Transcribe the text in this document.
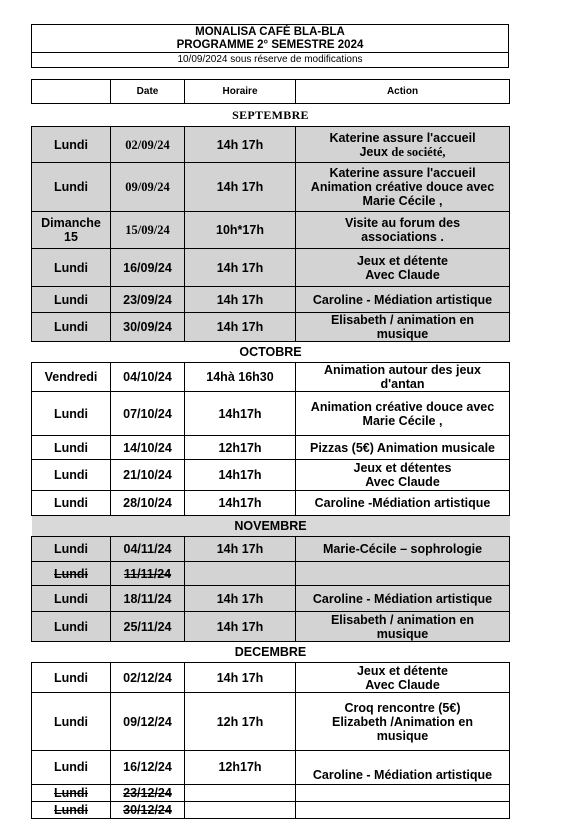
MONALISA CAFÉ BLA-BLA
PROGRAMME 2° SEMESTRE 2024
10/09/2024 sous réserve de modifications
	Date	Horaire	Action
SEPTEMBRE			
Lundi	02/09/24	14h 17h	Katerine assure l'accueil
Jeux de société,

Lundi	09/09/24	14h 17h	Katerine assure l'accueil
Animation créative douce avec
Marie Cécile ,

Dimanche
15	15/09/24	10h*17h	Visite au forum des
associations .

Lundi	16/09/24	14h 17h	Jeux et détente
Avec Claude

Lundi	23/09/24	14h 17h	Caroline - Médiation artistique
Lundi	30/09/24	14h 17h	Elisabeth / animation en
musique

OCTOBRE			
Vendredi	04/10/24	14hà 16h30	Animation autour des jeux
d'antan

Lundi	07/10/24	14h17h	Animation créative douce avec
Marie Cécile ,

Lundi	14/10/24	12h17h	Pizzas (5€) Animation musicale
Lundi	21/10/24	14h17h	Jeux et détentes
Avec Claude

Lundi	28/10/24	14h17h	Caroline -Médiation artistique
NOVEMBRE			
Lundi	04/11/24	14h 17h	Marie-Cécile – sophrologie
Lundi	11/11/24		
Lundi	18/11/24	14h 17h	Caroline - Médiation artistique
Lundi	25/11/24	14h 17h	Elisabeth / animation en
musique

DECEMBRE			
Lundi	02/12/24	14h 17h	Jeux et détente
Avec Claude

Lundi	09/12/24	12h 17h	Croq rencontre (5€)
Elizabeth /Animation en
musique

Lundi	16/12/24	12h17h	Caroline - Médiation artistique
Lundi	23/12/24		
Lundi	30/12/24		
